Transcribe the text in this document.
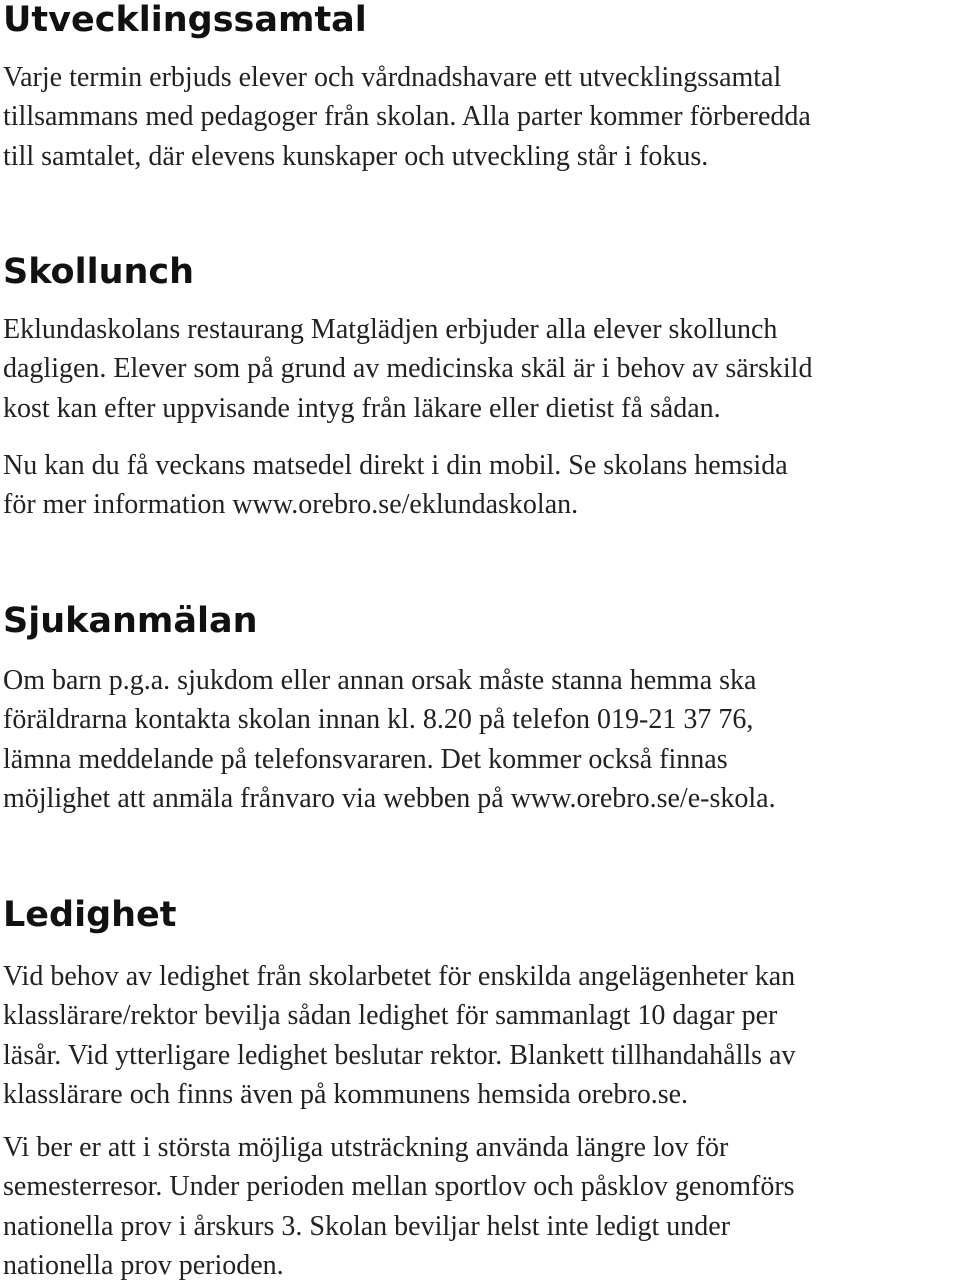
Utvecklingssamtal

Varje termin erbjuds elever och vårdnadshavare ett utvecklingssamtal
tillsammans med pedagoger från skolan. Alla parter kommer förberedda
till samtalet, där elevens kunskaper och utveckling står i fokus.

Skollunch

Eklundaskolans restaurang Matglädjen erbjuder alla elever skollunch
dagligen. Elever som på grund av medicinska skäl är i behov av särskild
kost kan efter uppvisande intyg från läkare eller dietist få sådan.

Nu kan du få veckans matsedel direkt i din mobil. Se skolans hemsida
för mer information www.orebro.se/eklundaskolan.

Sjukanmälan

Om barn p.g.a. sjukdom eller annan orsak måste stanna hemma ska
föräldrarna kontakta skolan innan kl. 8.20 på telefon 019-21 37 76,
lämna meddelande på telefonsvararen. Det kommer också finnas
möjlighet att anmäla frånvaro via webben på www.orebro.se/e-skola.

Ledighet

Vid behov av ledighet från skolarbetet för enskilda angelägenheter kan
klasslärare/rektor bevilja sådan ledighet för sammanlagt 10 dagar per
läsår. Vid ytterligare ledighet beslutar rektor. Blankett tillhandahålls av
klasslärare och finns även på kommunens hemsida orebro.se.

Vi ber er att i största möjliga utsträckning använda längre lov för
semesterresor. Under perioden mellan sportlov och påsklov genomförs
nationella prov i årskurs 3. Skolan beviljar helst inte ledigt under
nationella prov perioden.
